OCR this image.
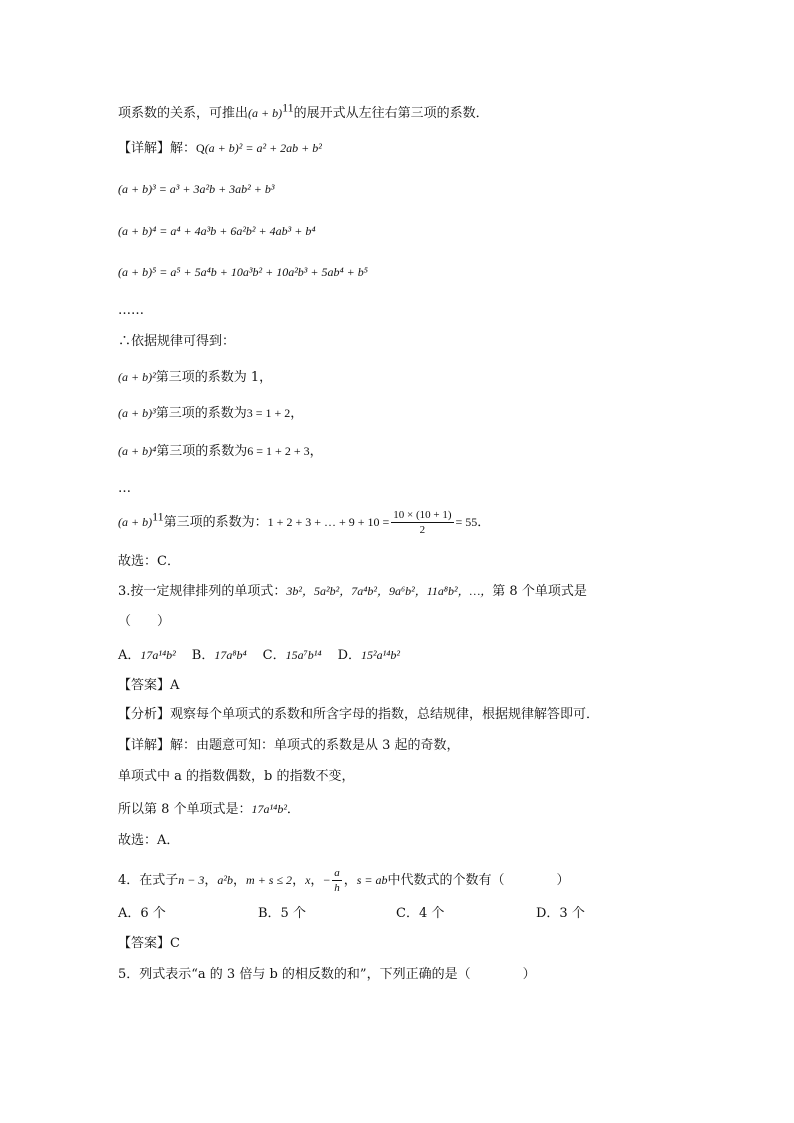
项系数的关系，可推出$(a + b)^{11}$的展开式从左往右第三项的系数．
【详解】解：Q(a + b)² = a² + 2ab + b²
(a + b)³ = a³ + 3a²b + 3ab² + b³
(a + b)⁴ = a⁴ + 4a³b + 6a²b² + 4ab³ + b⁴
(a + b)⁵ = a⁵ + 5a⁴b + 10a³b² + 10a²b³ + 5ab⁴ + b⁵
……
∴依据规律可得到：
(a + b)²第三项的系数为 1，
(a + b)³第三项的系数为3 = 1 + 2，
(a + b)⁴第三项的系数为6 = 1 + 2 + 3，
…
$(a + b)^{11}$第三项的系数为：1 + 2 + 3 + … + $9 + 10 = \frac{10 \times (10 + 1)}{2} = 55$．
故选：C．
3.按一定规律排列的单项式：3b²，5a²b²，7a⁴b²，9a⁶b²，11a⁸b²，…，第 8 个单项式是
（　　）
A．17a¹⁴b² B．17a⁸b⁴ C．15a⁷b¹⁴ D．15²a¹⁴b²
【答案】A
【分析】观察每个单项式的系数和所含字母的指数，总结规律，根据规律解答即可．
【详解】解：由题意可知：单项式的系数是从 3 起的奇数，
单项式中 a 的指数偶数，b 的指数不变，
所以第 8 个单项式是：17a¹⁴b²．
故选：A．
4．在式子n − 3，a²b，m + s ≤ 2，x，− $\frac{a}{h}$ ，s = ab中代数式的个数有（　　　　）
A．6 个	B．5 个	C．4 个	D．3 个
【答案】C
5．列式表示“a 的 3 倍与 b 的相反数的和”，下列正确的是（　　　　）
